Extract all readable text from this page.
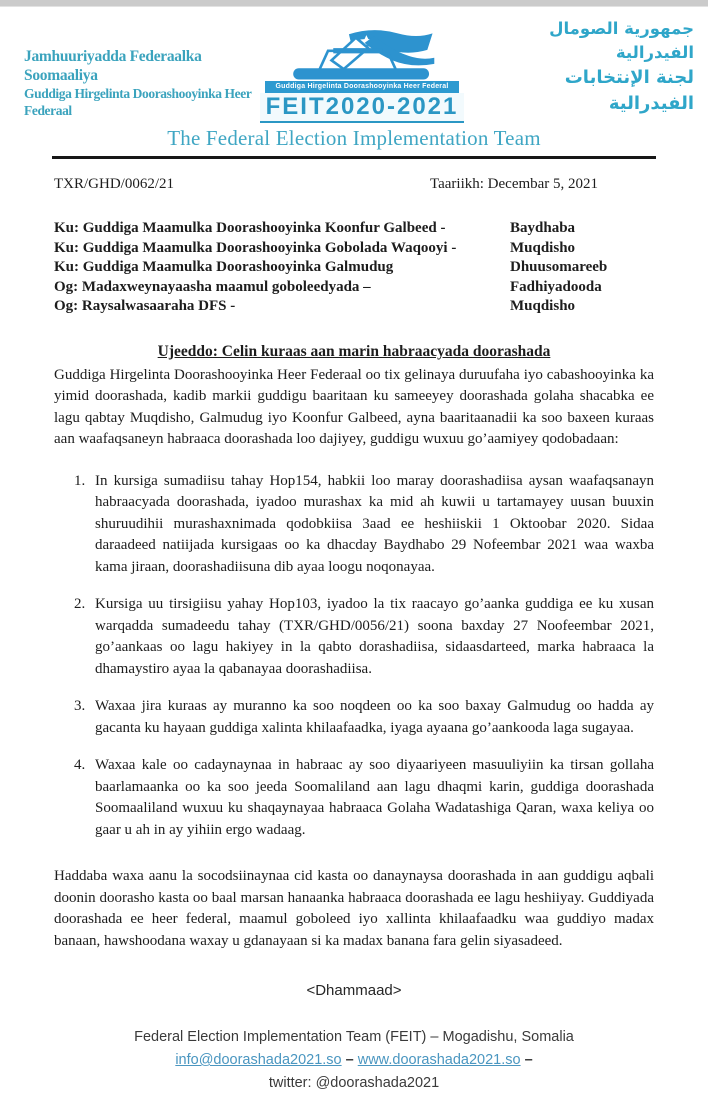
Jamhuuriyadda Federaalka Soomaaliya
Guddiga Hirgelinta Doorashooyinka Heer Federaal
Guddiga Hirgelinta Doorashooyinka Heer Federal
FEIT2020-2021
جمهورية الصومال الفيدرالية
لجنة الإنتخابات الفيدرالية
The Federal Election Implementation Team
TXR/GHD/0062/21	Taariikh: Decembar 5, 2021
Ku: Guddiga Maamulka Doorashooyinka Koonfur Galbeed -	Baydhaba
Ku: Guddiga Maamulka Doorashooyinka Gobolada Waqooyi -	Muqdisho
Ku: Guddiga Maamulka Doorashooyinka Galmudug	Dhuusomareeb
Og: Madaxweynayaasha maamul goboleedyada –	Fadhiyadooda
Og: Raysalwasaaraha DFS -	Muqdisho
Ujeeddo: Celin kuraas aan marin habraacyada doorashada

Guddiga Hirgelinta Doorashooyinka Heer Federaal oo tix gelinaya duruufaha iyo cabashooyinka ka yimid doorashada, kadib markii guddigu baaritaan ku sameeyey doorashada golaha shacabka ee lagu qabtay Muqdisho, Galmudug iyo Koonfur Galbeed, ayna baaritaanadii ka soo baxeen kuraas aan waafaqsaneyn habraaca doorashada loo dajiyey, guddigu wuxuu go’aamiyey qodobadaan:

1. In kursiga sumadiisu tahay Hop154, habkii loo maray doorashadiisa aysan waafaqsanayn habraacyada doorashada, iyadoo murashax ka mid ah kuwii u tartamayey uusan buuxin shuruudihii murashaxnimada qodobkiisa 3aad ee heshiiskii 1 Oktoobar 2020. Sidaa daraadeed natiijada kursigaas oo ka dhacday Baydhabo 29 Nofeembar 2021 waa waxba kama jiraan, doorashadiisuna dib ayaa loogu noqonayaa.
2. Kursiga uu tirsigiisu yahay Hop103, iyadoo la tix raacayo go’aanka guddiga ee ku xusan warqadda sumadeedu tahay (TXR/GHD/0056/21) soona baxday 27 Noofeembar 2021, go’aankaas oo lagu hakiyey in la qabto dorashadiisa, sidaasdarteed, marka habraaca la dhamaystiro ayaa la qabanayaa doorashadiisa.
3. Waxaa jira kuraas ay muranno ka soo noqdeen oo ka soo baxay Galmudug oo hadda ay gacanta ku hayaan guddiga xalinta khilaafaadka, iyaga ayaana go’aankooda laga sugayaa.
4. Waxaa kale oo cadaynaynaa in habraac ay soo diyaariyeen masuuliyiin ka tirsan gollaha baarlamaanka oo ka soo jeeda Soomaliland aan lagu dhaqmi karin, guddiga doorashada Soomaaliland wuxuu ku shaqaynayaa habraaca Golaha Wadatashiga Qaran, waxa keliya oo gaar u ah in ay yihiin ergo wadaag.

Haddaba waxa aanu la socodsiinaynaa cid kasta oo danaynaysa doorashada in aan guddigu aqbali doonin doorasho kasta oo baal marsan hanaanka habraaca doorashada ee lagu heshiiyay. Guddiyada doorashada ee heer federal, maamul goboleed iyo xallinta khilaafaadku waa guddiyo madax banaan, hawshoodana waxay u gdanayaan si ka madax banana fara gelin siyasadeed.

<Dhammaad>
Federal Election Implementation Team (FEIT) – Mogadishu, Somalia
info@doorashada2021.so – www.doorashada2021.so –
twitter: @doorashada2021
